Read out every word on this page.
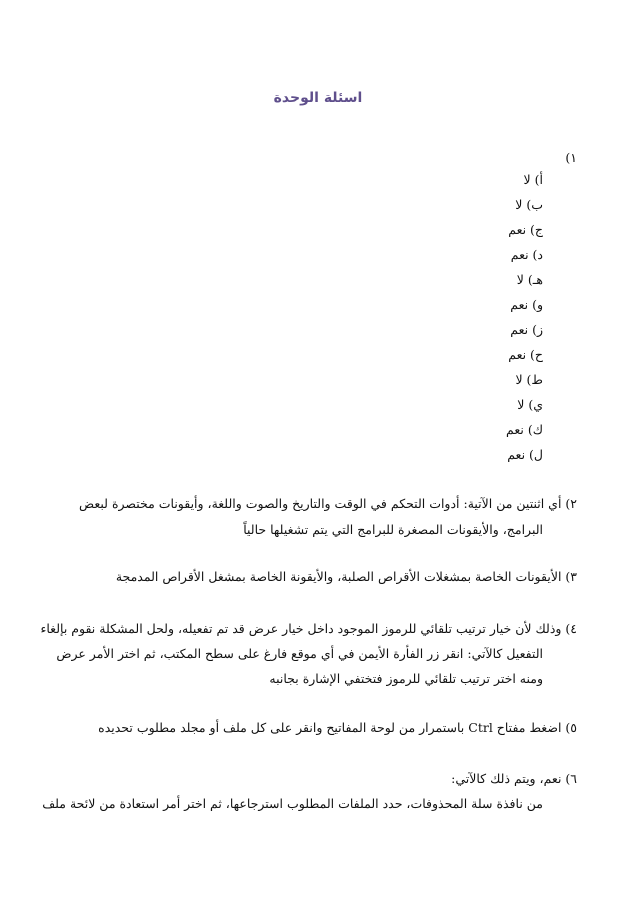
اسئلة الوحدة
١)
أ) لا
ب) لا
ج) نعم
د) نعم
هـ) لا
و) نعم
ز) نعم
ح) نعم
ط) لا
ي) لا
ك) نعم
ل) نعم
٢) أي اثنتين من الآتية: أدوات التحكم في الوقت والتاريخ والصوت واللغة، وأيقونات مختصرة لبعض
البرامج، والأيقونات المصغرة للبرامج التي يتم تشغيلها حالياً
٣) الأيقونات الخاصة بمشغلات الأقراص الصلبة، والأيقونة الخاصة بمشغل الأقراص المدمجة
٤) وذلك لأن خيار ترتيب تلقائي للرموز الموجود داخل خيار عرض قد تم تفعيله، ولحل المشكلة نقوم بإلغاء
التفعيل كالآتي: انقر زر الفأرة الأيمن في أي موقع فارغ على سطح المكتب، ثم اختر الأمر عرض
ومنه اختر ترتيب تلقائي للرموز فتختفي الإشارة بجانبه
٥) اضغط مفتاح Ctrl باستمرار من لوحة المفاتيح وانقر على كل ملف أو مجلد مطلوب تحديده
٦) نعم، ويتم ذلك كالآتي:
من نافذة سلة المحذوفات، حدد الملفات المطلوب استرجاعها، ثم اختر أمر استعادة من لائحة ملف
